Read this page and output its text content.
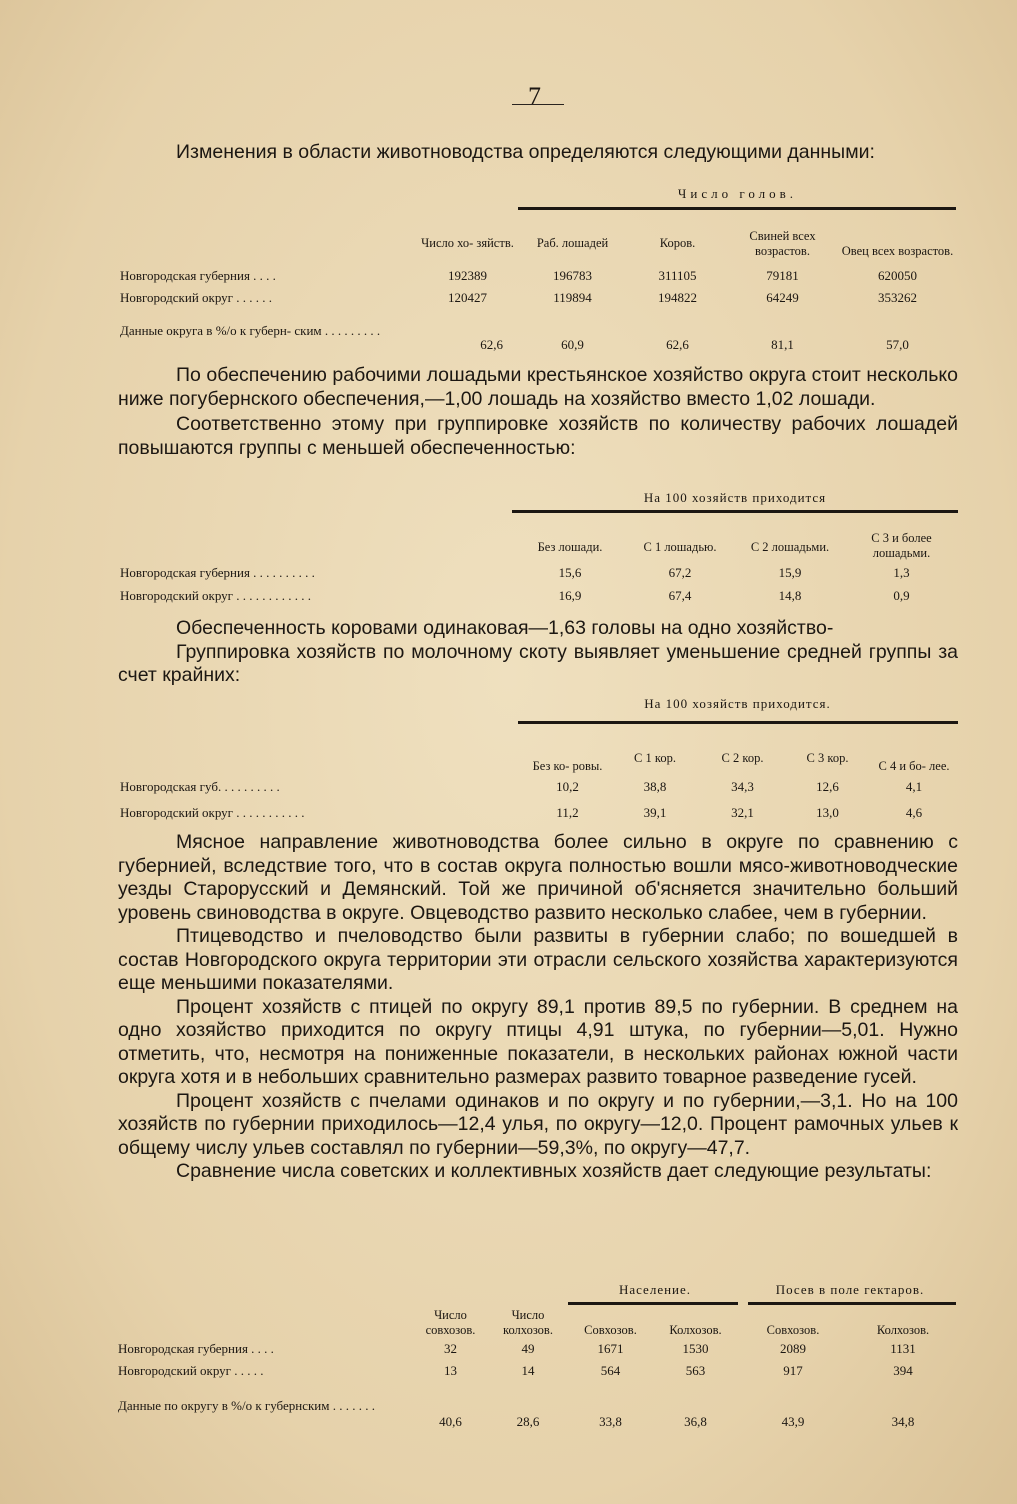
7

Изменения в области животноводства определяются следующими данными:

Число голов.
	Число хо- зяйств.	Раб. лошадей	Коров.	Свиней всех возрастов.	Овец всех возрастов.
Новгородская губерния . . . .	192389	196783	311105	79181	620050
Новгородский округ . . . . . .	120427	119894	194822	64249	353262
Данные округа в %/о к губерн- ским . . . . . . . . .	62,6	60,9	62,6	81,1	57,0

По обеспечению рабочими лошадьми крестьянское хозяйство округа стоит несколько ниже погубернского обеспечения,—1,00 лошадь на хозяйство вместо 1,02 лошади.

Соответственно этому при группировке хозяйств по количеству рабочих лошадей повышаются группы с меньшей обеспеченностью:

На 100 хозяйств приходится
	Без лошади.	С 1 лошадью.	С 2 лошадьми.	С 3 и более лошадьми.
Новгородская губерния . . . . . . . . . .	15,6	67,2	15,9	1,3
Новгородский округ . . . . . . . . . . . .	16,9	67,4	14,8	0,9

Обеспеченность коровами одинаковая—1,63 головы на одно хозяйство-

Группировка хозяйств по молочному скоту выявляет уменьшение средней группы за счет крайних:

На 100 хозяйств приходится.
	Без ко- ровы.	С 1 кор.	С 2 кор.	С 3 кор.	С 4 и бо- лее.
Новгородская губ. . . . . . . . . .	10,2	38,8	34,3	12,6	4,1
Новгородский округ . . . . . . . . . . .	11,2	39,1	32,1	13,0	4,6

Мясное направление животноводства более сильно в округе по сравнению с губернией, вследствие того, что в состав округа полностью вошли мясо-животноводческие уезды Старорусский и Демянский. Той же причиной об'ясняется значительно больший уровень свиноводства в округе. Овцеводство развито несколько слабее, чем в губернии.

Птицеводство и пчеловодство были развиты в губернии слабо; по вошедшей в состав Новгородского округа территории эти отрасли сельского хозяйства характеризуются еще меньшими показателями.

Процент хозяйств с птицей по округу 89,1 против 89,5 по губернии. В среднем на одно хозяйство приходится по округу птицы 4,91 штука, по губернии—5,01. Нужно отметить, что, несмотря на пониженные показатели, в нескольких районах южной части округа хотя и в небольших сравнительно размерах развито товарное разведение гусей.

Процент хозяйств с пчелами одинаков и по округу и по губернии,—3,1. Но на 100 хозяйств по губернии приходилось—12,4 улья, по округу—12,0. Процент рамочных ульев к общему числу ульев составлял по губернии—59,3%, по округу—47,7.

Сравнение числа советских и коллективных хозяйств дает следующие результаты:

Население.	Посев в поле гектаров.
	Число совхозов.	Число колхозов.	Совхозов.	Колхозов.	Совхозов.	Колхозов.
Новгородская губерния . . . .	32	49	1671	1530	2089	1131
Новгородский округ . . . . .	13	14	564	563	917	394
Данные по округу в %/о к губернским . . . . . . .	40,6	28,6	33,8	36,8	43,9	34,8
